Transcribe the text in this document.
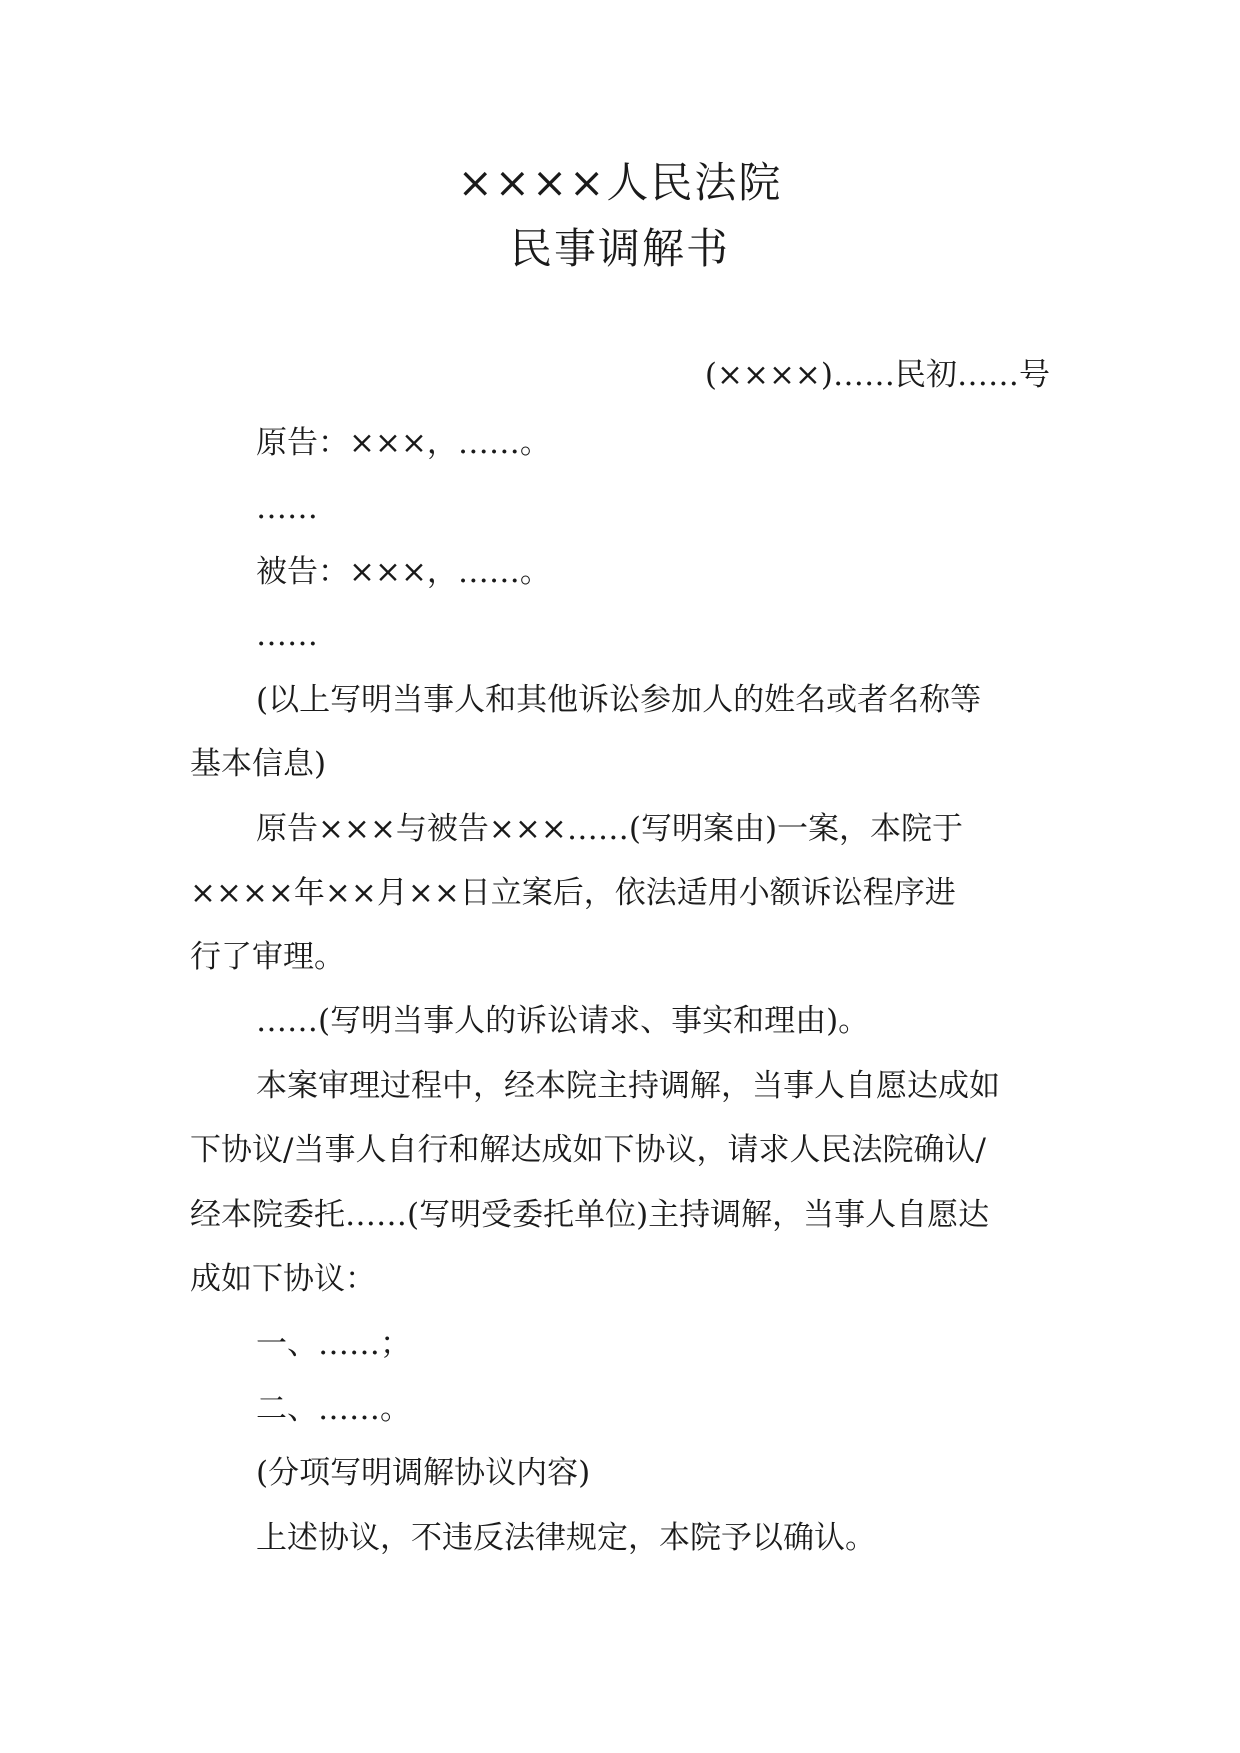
××××人民法院
民事调解书
(××××)……民初……号
原告：×××，……。
……
被告：×××，……。
……
(以上写明当事人和其他诉讼参加人的姓名或者名称等
基本信息)
原告×××与被告×××……(写明案由)一案，本院于
××××年××月××日立案后，依法适用小额诉讼程序进
行了审理。
……(写明当事人的诉讼请求、事实和理由)。
本案审理过程中，经本院主持调解，当事人自愿达成如
下协议/当事人自行和解达成如下协议，请求人民法院确认/
经本院委托……(写明受委托单位)主持调解，当事人自愿达
成如下协议：
一、……；
二、……。
(分项写明调解协议内容)
上述协议，不违反法律规定，本院予以确认。
